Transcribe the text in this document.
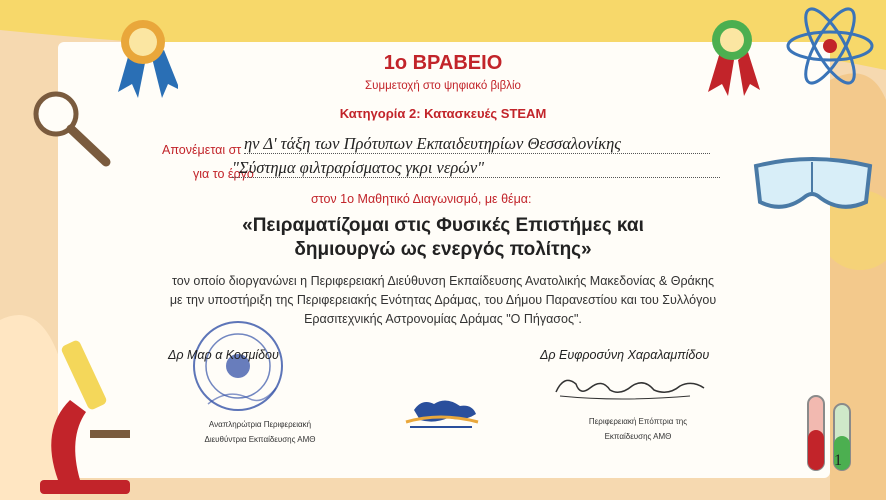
1ο ΒΡΑΒΕΙΟ
Συμμετοχή στο ψηφιακό βιβλίο
Κατηγορία 2: Κατασκευές STEAM
Απονέμεται στ ην Δ' τάξη των Πρότυπων Εκπαιδευτηρίων Θεσσαλονίκης
για το έργο
"Σύστημα φιλτραρίσματος γκρι νερών"
στον 1ο Μαθητικό Διαγωνισμό, με θέμα:
«Πειραματίζομαι στις Φυσικές Επιστήμες και
δημιουργώ ως ενεργός πολίτης»
τον οποίο διοργανώνει η Περιφερειακή Διεύθυνση Εκπαίδευσης Ανατολικής Μακεδονίας & Θράκης
με την υποστήριξη της Περιφερειακής Ενότητας Δράμας, του Δήμου Παρανεστίου και του Συλλόγου
Ερασιτεχνικής Αστρονομίας Δράμας "Ο Πήγασος".
Δρ Μαρ α Κοσμίδου	Δρ Ευφροσύνη Χαραλαμπίδου
Αναπληρώτρια Περιφερειακή
Διευθύντρια Εκπαίδευσης ΑΜΘ
Περιφερειακή Επόπτρια της
Εκπαίδευσης ΑΜΘ
1
